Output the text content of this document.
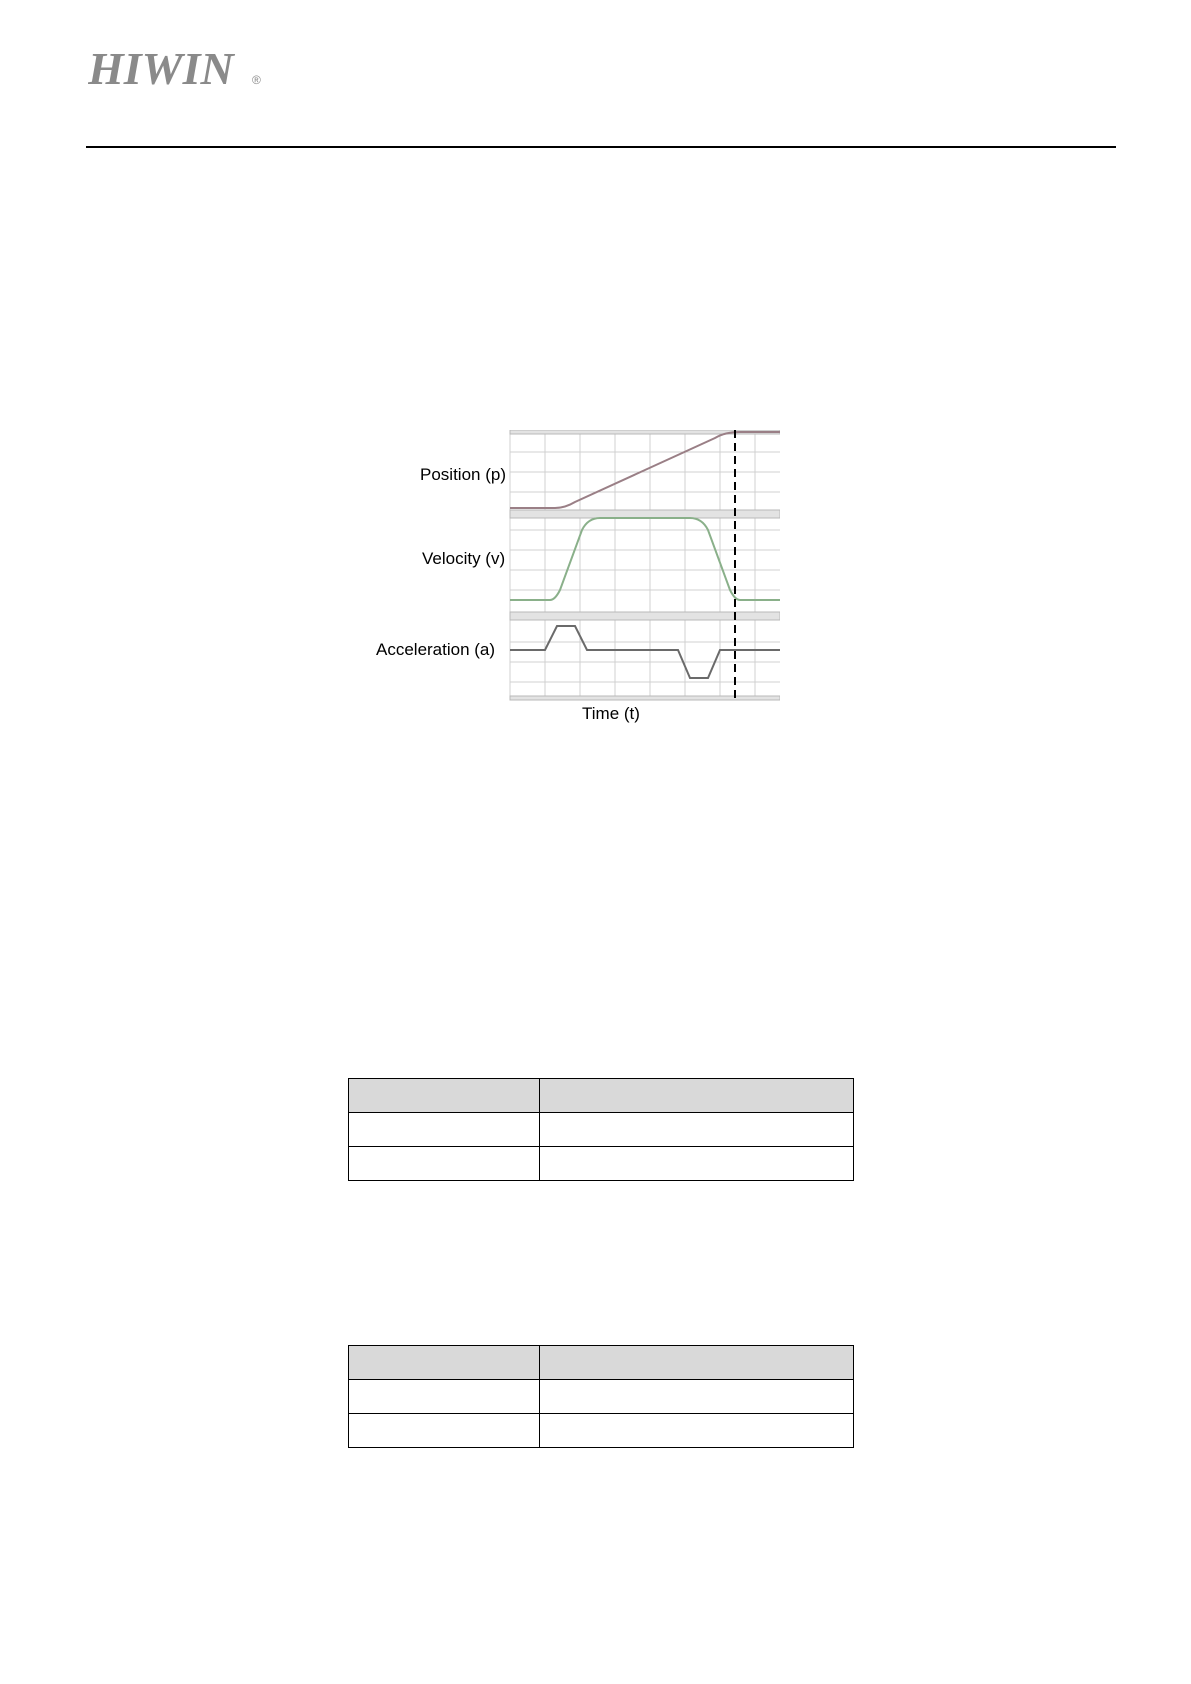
HIWIN ®
Position (p)
Velocity (v)
Acceleration (a)
Time (t)
